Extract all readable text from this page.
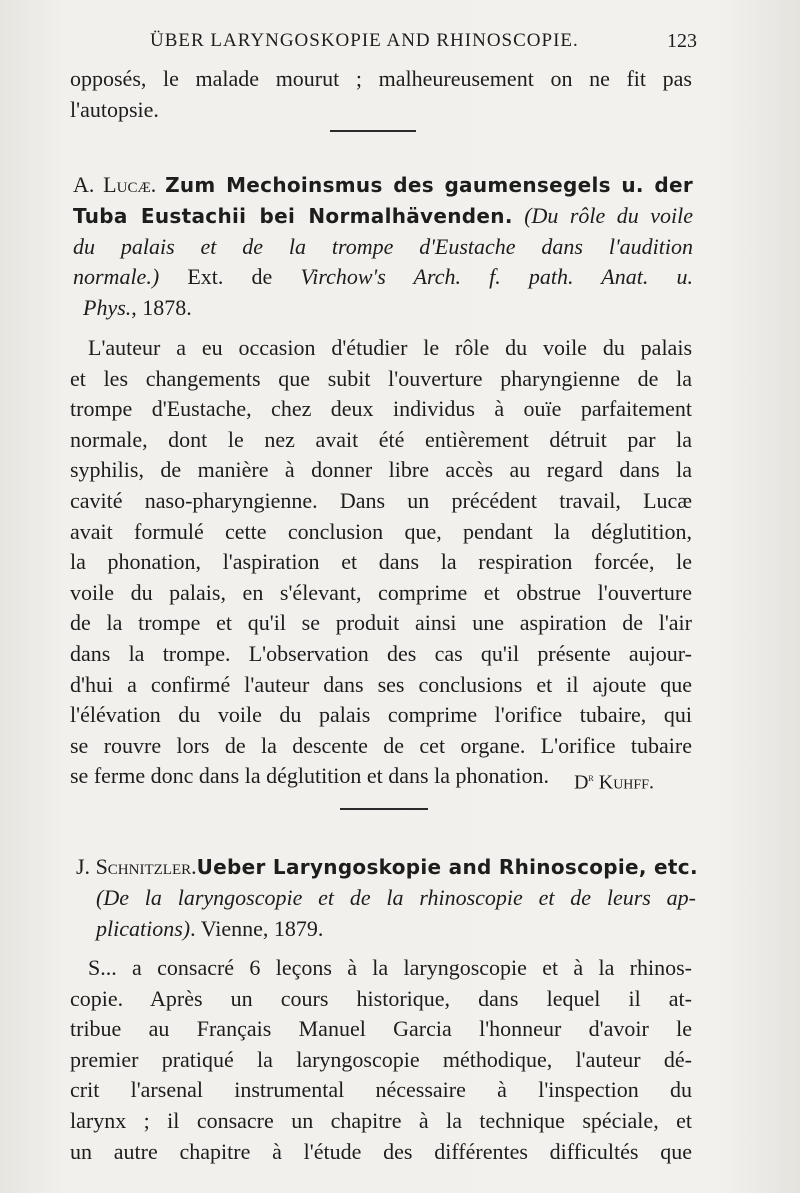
ÜBER LARYNGOSKOPIE AND RHINOSCOPIE.	123
opposés, le malade mourut ; malheureusement on ne fit pas
l'autopsie.
A. Lucæ. Zum Mechoinsmus des gaumensegels u. der
Tuba Eustachii bei Normalhävenden. (Du rôle du voile
du palais et de la trompe d'Eustache dans l'audition
normale.) Ext. de Virchow's Arch. f. path. Anat. u.
Phys., 1878.
L'auteur a eu occasion d'étudier le rôle du voile du palais
et les changements que subit l'ouverture pharyngienne de la
trompe d'Eustache, chez deux individus à ouïe parfaitement
normale, dont le nez avait été entièrement détruit par la
syphilis, de manière à donner libre accès au regard dans la
cavité naso-pharyngienne. Dans un précédent travail, Lucæ
avait formulé cette conclusion que, pendant la déglutition,
la phonation, l'aspiration et dans la respiration forcée, le
voile du palais, en s'élevant, comprime et obstrue l'ouverture
de la trompe et qu'il se produit ainsi une aspiration de l'air
dans la trompe. L'observation des cas qu'il présente aujour-
d'hui a confirmé l'auteur dans ses conclusions et il ajoute que
l'élévation du voile du palais comprime l'orifice tubaire, qui
se rouvre lors de la descente de cet organe. L'orifice tubaire
se ferme donc dans la déglutition et dans la phonation.	$D^r$ Kuhff.
J. Schnitzler.Ueber Laryngoskopie and Rhinoscopie, etc.
(De la laryngoscopie et de la rhinoscopie et de leurs ap-
plications). Vienne, 1879.
S... a consacré 6 leçons à la laryngoscopie et à la rhinos-
copie. Après un cours historique, dans lequel il at-
tribue au Français Manuel Garcia l'honneur d'avoir le
premier pratiqué la laryngoscopie méthodique, l'auteur dé-
crit l'arsenal instrumental nécessaire à l'inspection du
larynx ; il consacre un chapitre à la technique spéciale, et
un autre chapitre à l'étude des différentes difficultés que
